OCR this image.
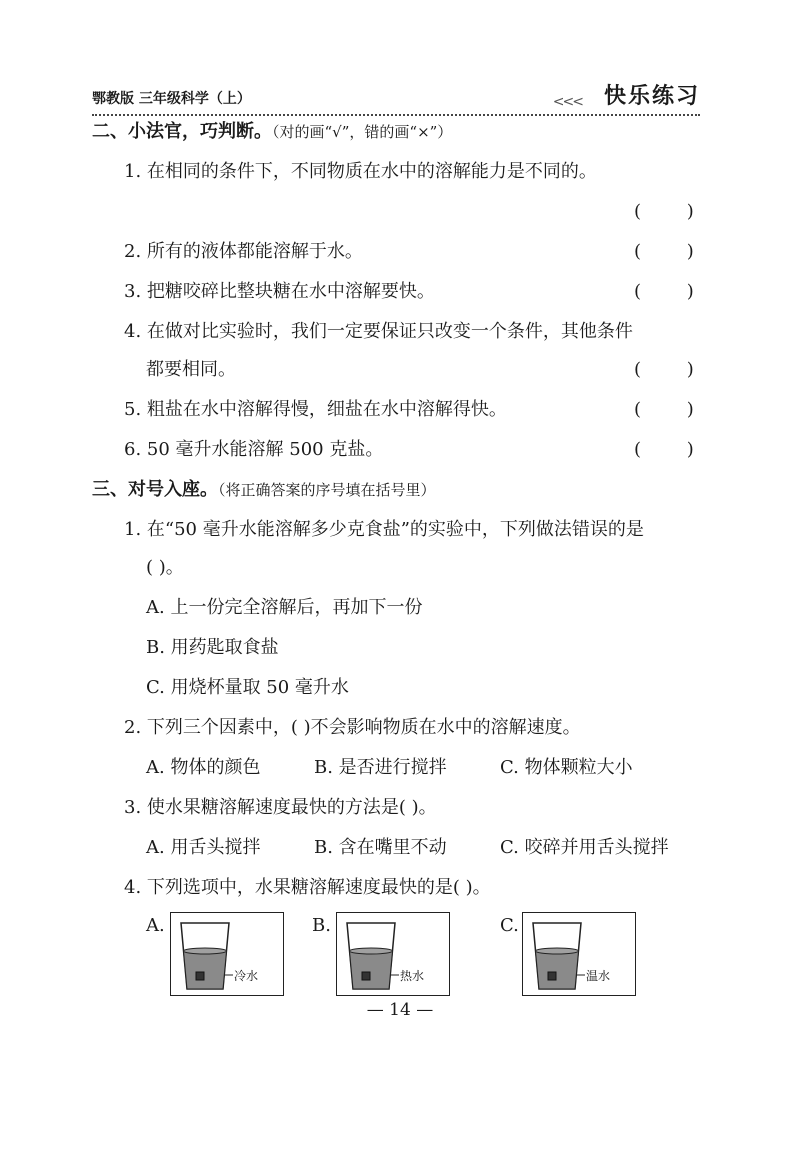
鄂教版 三年级科学（上）	<<< 快乐练习
二、小法官，巧判断。（对的画“√”，错的画“×”）
1. 在相同的条件下，不同物质在水中的溶解能力是不同的。
(        )
2. 所有的液体都能溶解于水。	(        )
3. 把糖咬碎比整块糖在水中溶解要快。	(        )
4. 在做对比实验时，我们一定要保证只改变一个条件，其他条件
都要相同。	(        )
5. 粗盐在水中溶解得慢，细盐在水中溶解得快。	(        )
6. 50 毫升水能溶解 500 克盐。	(        )
三、对号入座。（将正确答案的序号填在括号里）
1. 在“50 毫升水能溶解多少克食盐”的实验中，下列做法错误的是
( )。
A. 上一份完全溶解后，再加下一份
B. 用药匙取食盐
C. 用烧杯量取 50 毫升水
2. 下列三个因素中，( )不会影响物质在水中的溶解速度。
A. 物体的颜色	B. 是否进行搅拌	C. 物体颗粒大小
3. 使水果糖溶解速度最快的方法是( )。
A. 用舌头搅拌	B. 含在嘴里不动	C. 咬碎并用舌头搅拌
4. 下列选项中，水果糖溶解速度最快的是( )。
A.
冷水
B.
热水
C.
温水
— 14 —
